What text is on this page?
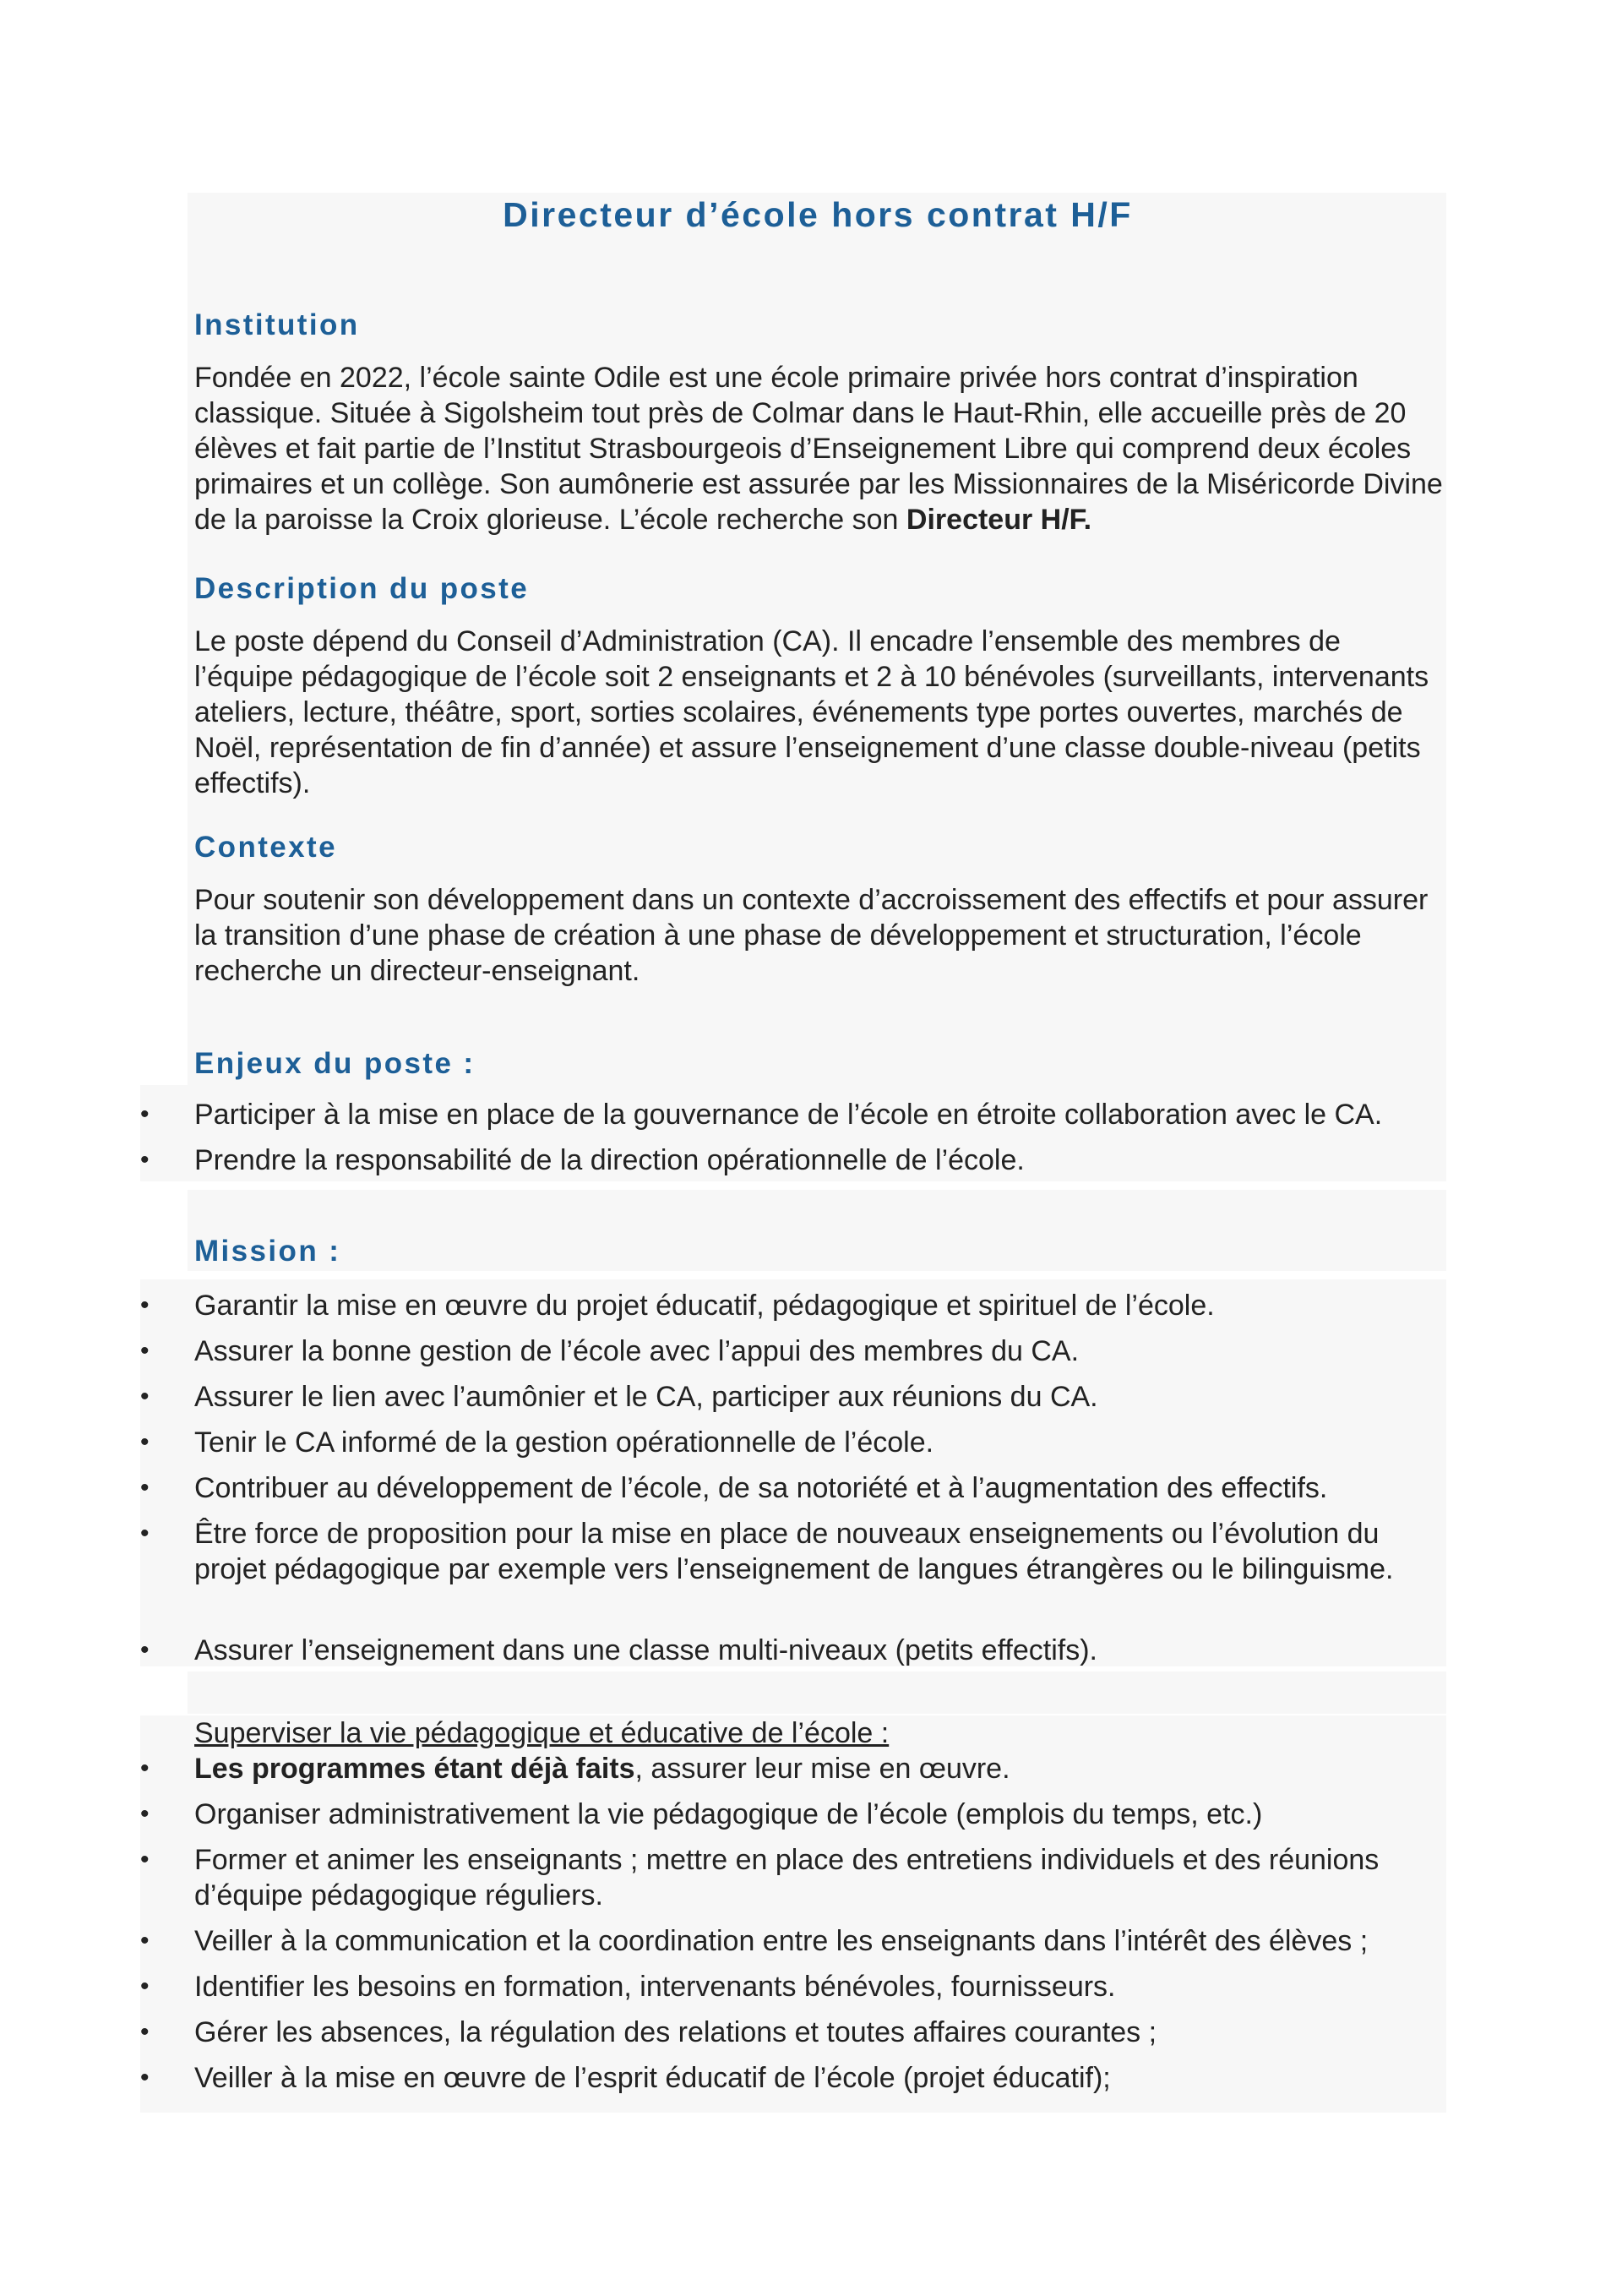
Directeur d’école hors contrat H/F
Institution
Fondée en 2022, l’école sainte Odile est une école primaire privée hors contrat d’inspiration classique. Située à Sigolsheim tout près de Colmar dans le Haut-Rhin, elle accueille près de 20 élèves et fait partie de l’Institut Strasbourgeois d’Enseignement Libre qui comprend deux écoles primaires et un collège. Son aumônerie est assurée par les Missionnaires de la Miséricorde Divine de la paroisse la Croix glorieuse. L’école recherche son Directeur H/F.
Description du poste
Le poste dépend du Conseil d’Administration (CA). Il encadre l’ensemble des membres de l’équipe pédagogique de l’école soit 2 enseignants et 2 à 10 bénévoles (surveillants, intervenants ateliers, lecture, théâtre, sport, sorties scolaires, événements type portes ouvertes, marchés de Noël, représentation de fin d’année) et assure l’enseignement d’une classe double-niveau (petits effectifs).
Contexte
Pour soutenir son développement dans un contexte d’accroissement des effectifs et pour assurer la transition d’une phase de création à une phase de développement et structuration, l’école recherche un directeur-enseignant.
Enjeux du poste :
• Participer à la mise en place de la gouvernance de l’école en étroite collaboration avec le CA.
• Prendre la responsabilité de la direction opérationnelle de l’école.
Mission :
• Garantir la mise en œuvre du projet éducatif, pédagogique et spirituel de l’école.
• Assurer la bonne gestion de l’école avec l’appui des membres du CA.
• Assurer le lien avec l’aumônier et le CA, participer aux réunions du CA.
• Tenir le CA informé de la gestion opérationnelle de l’école.
• Contribuer au développement de l’école, de sa notoriété et à l’augmentation des effectifs.
• Être force de proposition pour la mise en place de nouveaux enseignements ou l’évolution du projet pédagogique par exemple vers l’enseignement de langues étrangères ou le bilinguisme.
• Assurer l’enseignement dans une classe multi-niveaux (petits effectifs).
Superviser la vie pédagogique et éducative de l’école :
• Les programmes étant déjà faits, assurer leur mise en œuvre.
• Organiser administrativement la vie pédagogique de l’école (emplois du temps, etc.)
• Former et animer les enseignants ; mettre en place des entretiens individuels et des réunions d’équipe pédagogique réguliers.
• Veiller à la communication et la coordination entre les enseignants dans l’intérêt des élèves ;
• Identifier les besoins en formation, intervenants bénévoles, fournisseurs.
• Gérer les absences, la régulation des relations et toutes affaires courantes ;
• Veiller à la mise en œuvre de l’esprit éducatif de l’école (projet éducatif);
